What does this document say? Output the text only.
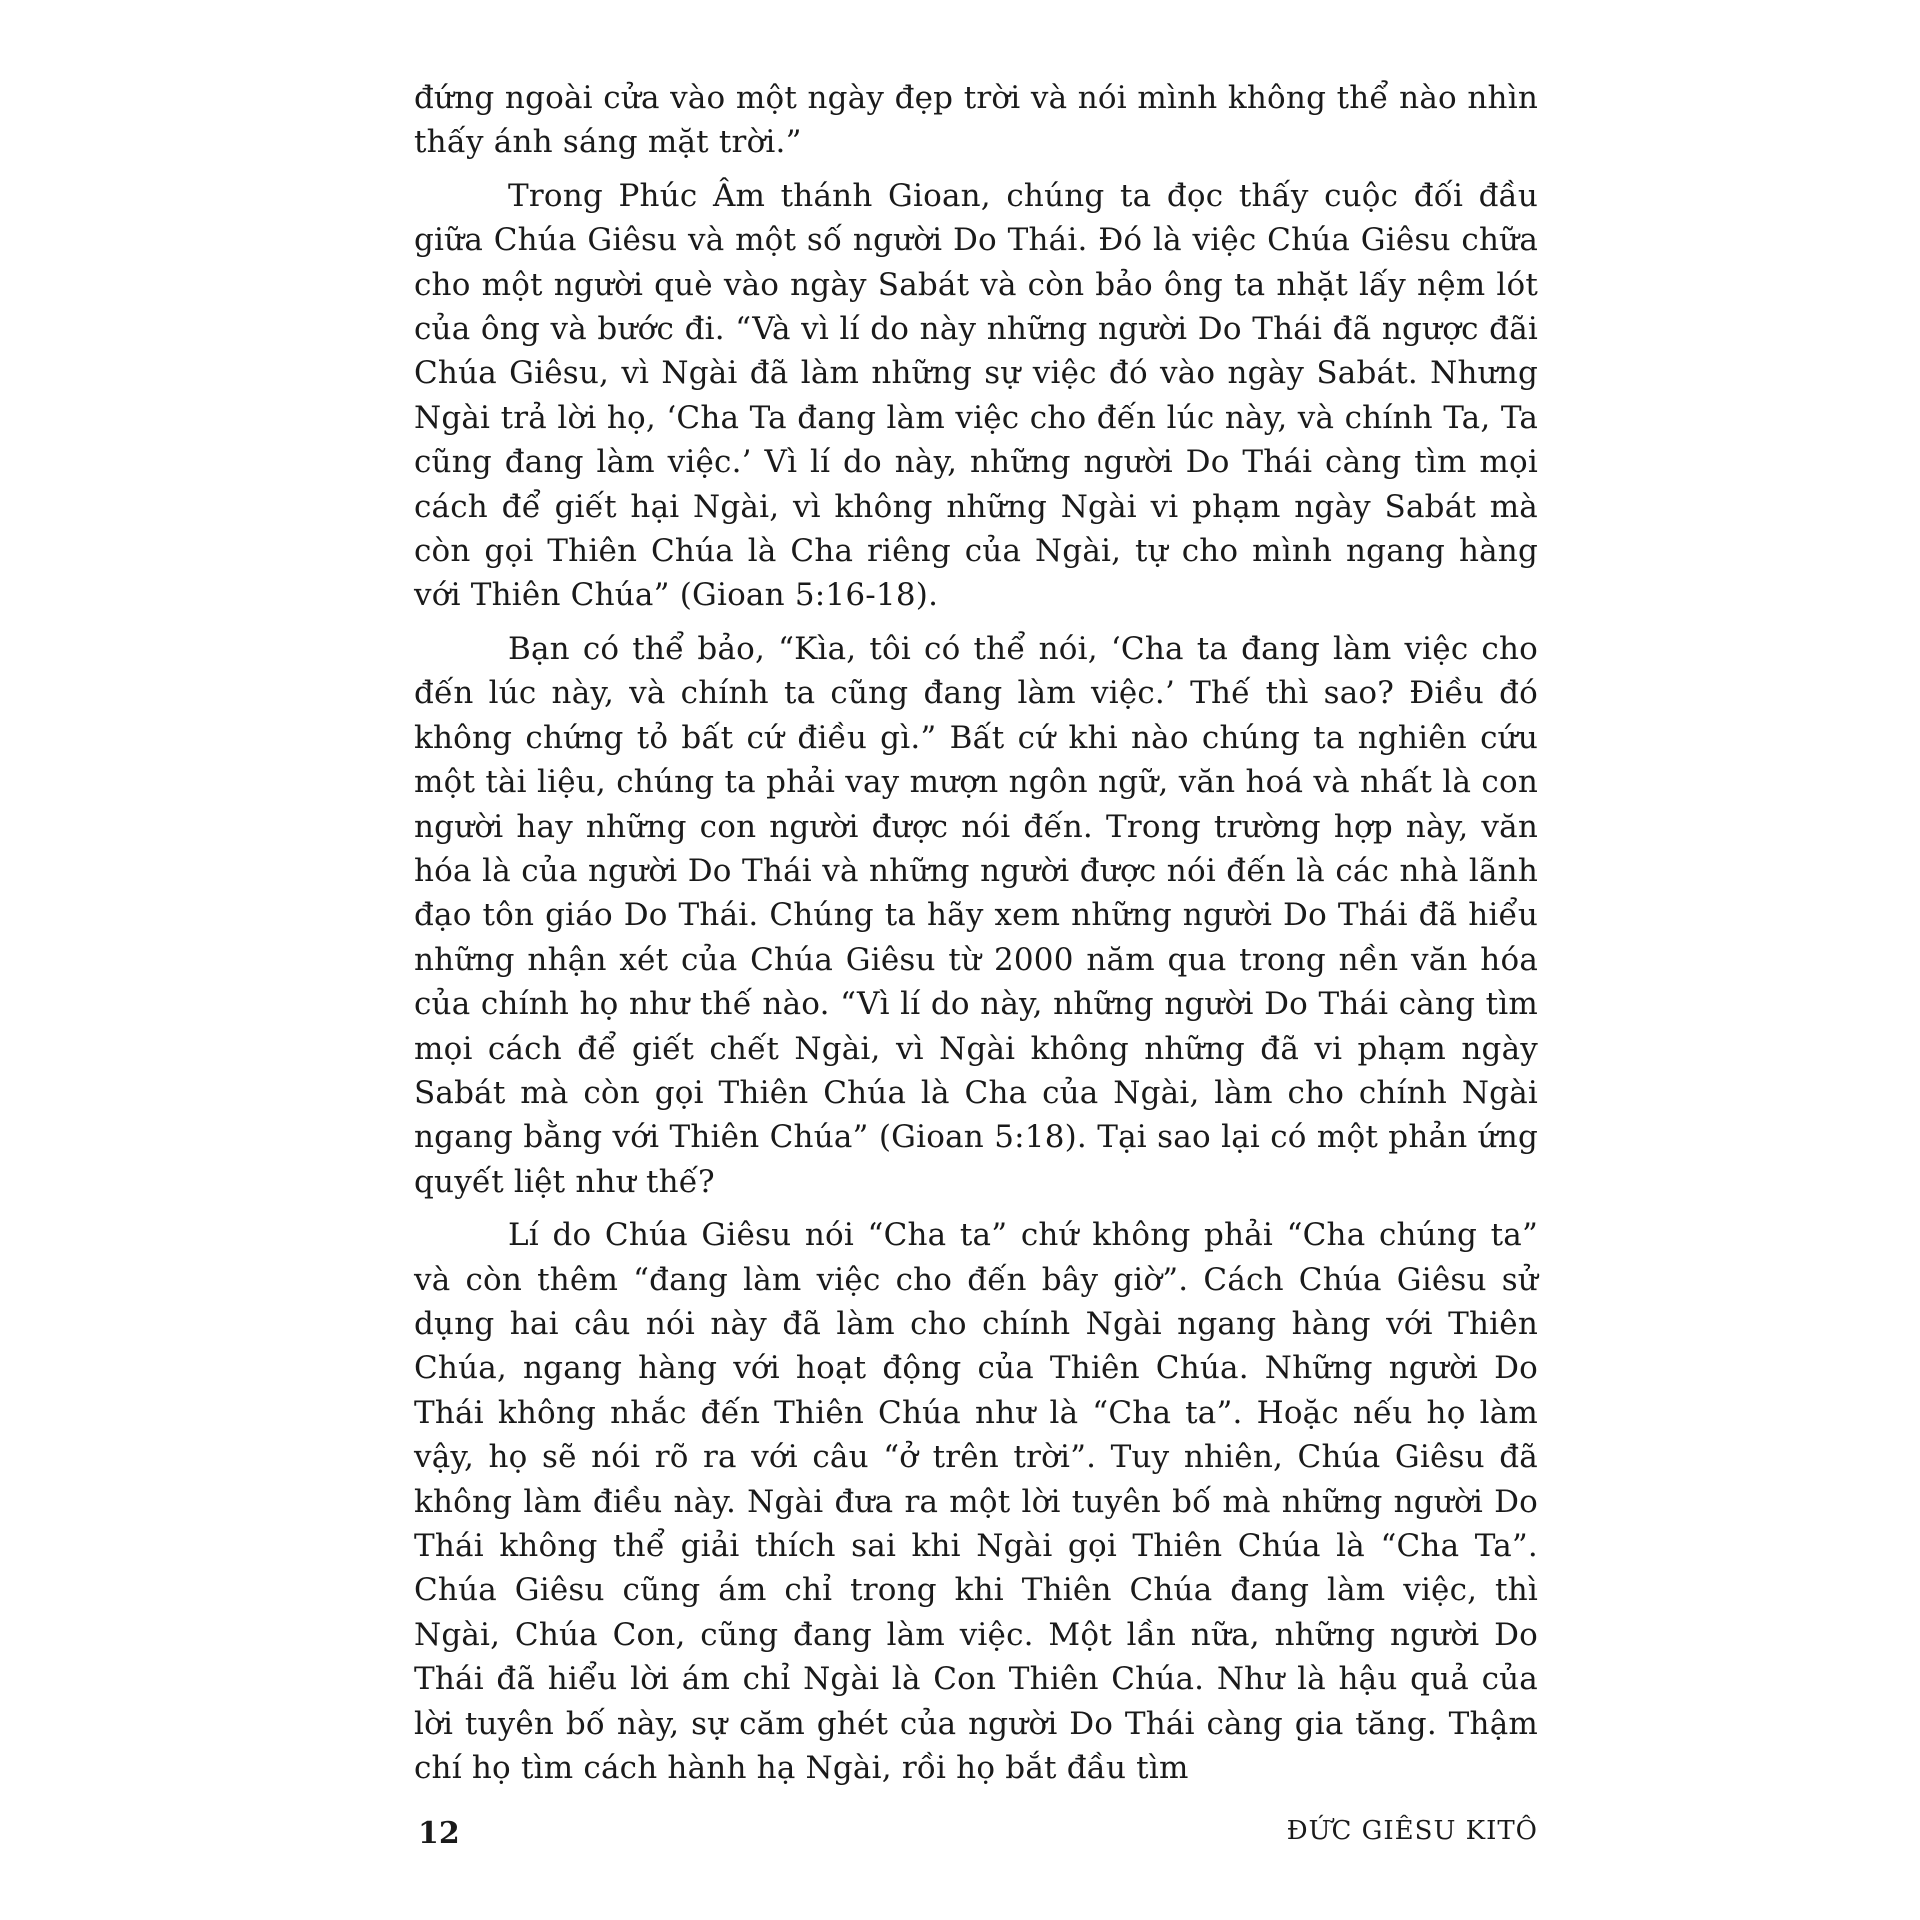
đứng ngoài cửa vào một ngày đẹp trời và nói mình không thể nào nhìn thấy ánh sáng mặt trời.”

Trong Phúc Âm thánh Gioan, chúng ta đọc thấy cuộc đối đầu giữa Chúa Giêsu và một số người Do Thái. Đó là việc Chúa Giêsu chữa cho một người què vào ngày Sabát và còn bảo ông ta nhặt lấy nệm lót của ông và bước đi. “Và vì lí do này những người Do Thái đã ngược đãi Chúa Giêsu, vì Ngài đã làm những sự việc đó vào ngày Sabát. Nhưng Ngài trả lời họ, ‘Cha Ta đang làm việc cho đến lúc này, và chính Ta, Ta cũng đang làm việc.’ Vì lí do này, những người Do Thái càng tìm mọi cách để giết hại Ngài, vì không những Ngài vi phạm ngày Sabát mà còn gọi Thiên Chúa là Cha riêng của Ngài, tự cho mình ngang hàng với Thiên Chúa” (Gioan 5:16-18).

Bạn có thể bảo, “Kìa, tôi có thể nói, ‘Cha ta đang làm việc cho đến lúc này, và chính ta cũng đang làm việc.’ Thế thì sao? Điều đó không chứng tỏ bất cứ điều gì.” Bất cứ khi nào chúng ta nghiên cứu một tài liệu, chúng ta phải vay mượn ngôn ngữ, văn hoá và nhất là con người hay những con người được nói đến. Trong trường hợp này, văn hóa là của người Do Thái và những người được nói đến là các nhà lãnh đạo tôn giáo Do Thái. Chúng ta hãy xem những người Do Thái đã hiểu những nhận xét của Chúa Giêsu từ 2000 năm qua trong nền văn hóa của chính họ như thế nào. “Vì lí do này, những người Do Thái càng tìm mọi cách để giết chết Ngài, vì Ngài không những đã vi phạm ngày Sabát mà còn gọi Thiên Chúa là Cha của Ngài, làm cho chính Ngài ngang bằng với Thiên Chúa” (Gioan 5:18). Tại sao lại có một phản ứng quyết liệt như thế?

Lí do Chúa Giêsu nói “Cha ta” chứ không phải “Cha chúng ta” và còn thêm “đang làm việc cho đến bây giờ”. Cách Chúa Giêsu sử dụng hai câu nói này đã làm cho chính Ngài ngang hàng với Thiên Chúa, ngang hàng với hoạt động của Thiên Chúa. Những người Do Thái không nhắc đến Thiên Chúa như là “Cha ta”. Hoặc nếu họ làm vậy, họ sẽ nói rõ ra với câu “ở trên trời”. Tuy nhiên, Chúa Giêsu đã không làm điều này. Ngài đưa ra một lời tuyên bố mà những người Do Thái không thể giải thích sai khi Ngài gọi Thiên Chúa là “Cha Ta”. Chúa Giêsu cũng ám chỉ trong khi Thiên Chúa đang làm việc, thì Ngài, Chúa Con, cũng đang làm việc. Một lần nữa, những người Do Thái đã hiểu lời ám chỉ Ngài là Con Thiên Chúa. Như là hậu quả của lời tuyên bố này, sự căm ghét của người Do Thái càng gia tăng. Thậm chí họ tìm cách hành hạ Ngài, rồi họ bắt đầu tìm

12	ĐỨC GIÊSU KITÔ
